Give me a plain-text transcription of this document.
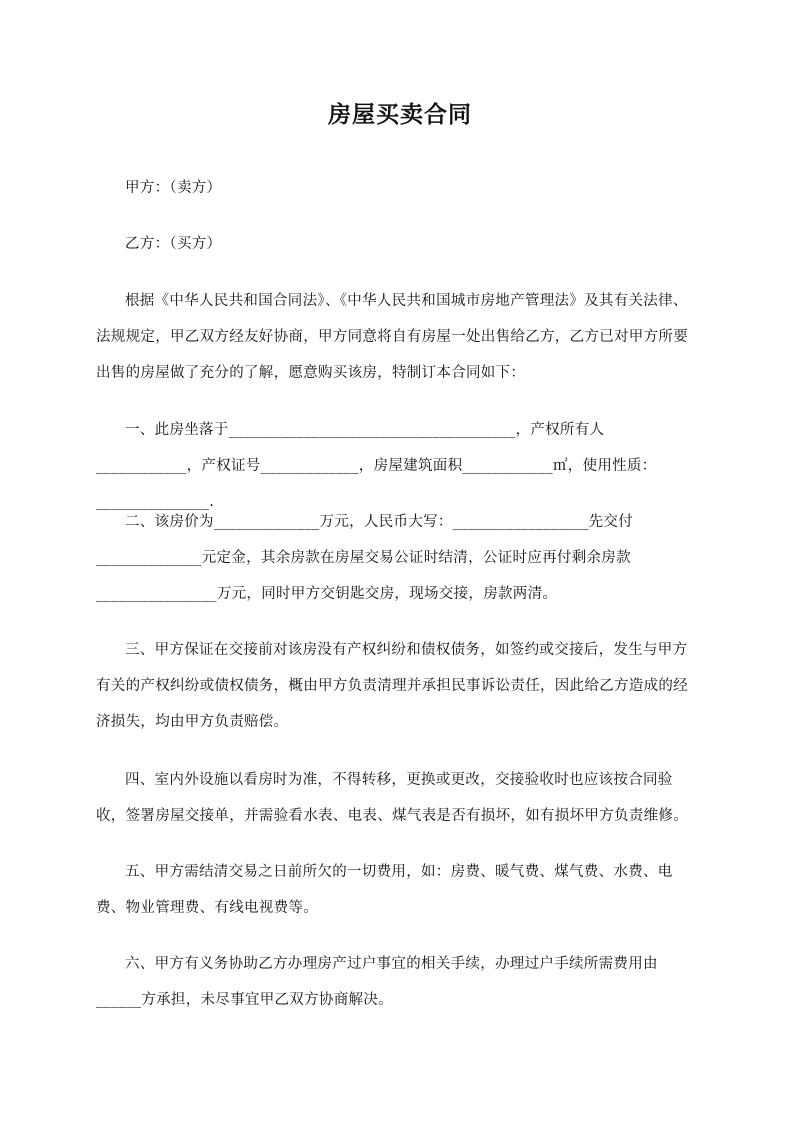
房屋买卖合同

甲方：（卖方）

乙方：（买方）

根据《中华人民共和国合同法》、《中华人民共和国城市房地产管理法》及其有关法律、法规规定，甲乙双方经友好协商，甲方同意将自有房屋一处出售给乙方，乙方已对甲方所要出售的房屋做了充分的了解，愿意购买该房，特制订本合同如下：

一、此房坐落于______________________________________，产权所有人____________，产权证号_____________，房屋建筑面积____________㎡，使用性质：_______________.

二、该房价为______________万元，人民币大写：__________________先交付
______________元定金，其余房款在房屋交易公证时结清，公证时应再付剩余房款
________________万元，同时甲方交钥匙交房，现场交接，房款两清。

三、甲方保证在交接前对该房没有产权纠纷和债权债务，如签约或交接后，发生与甲方有关的产权纠纷或债权债务，概由甲方负责清理并承担民事诉讼责任，因此给乙方造成的经济损失，均由甲方负责赔偿。

四、室内外设施以看房时为准，不得转移，更换或更改，交接验收时也应该按合同验收，签署房屋交接单，并需验看水表、电表、煤气表是否有损坏，如有损坏甲方负责维修。

五、甲方需结清交易之日前所欠的一切费用，如：房费、暖气费、煤气费、水费、电费、物业管理费、有线电视费等。

六、甲方有义务协助乙方办理房产过户事宜的相关手续，办理过户手续所需费用由______方承担，未尽事宜甲乙双方协商解决。
